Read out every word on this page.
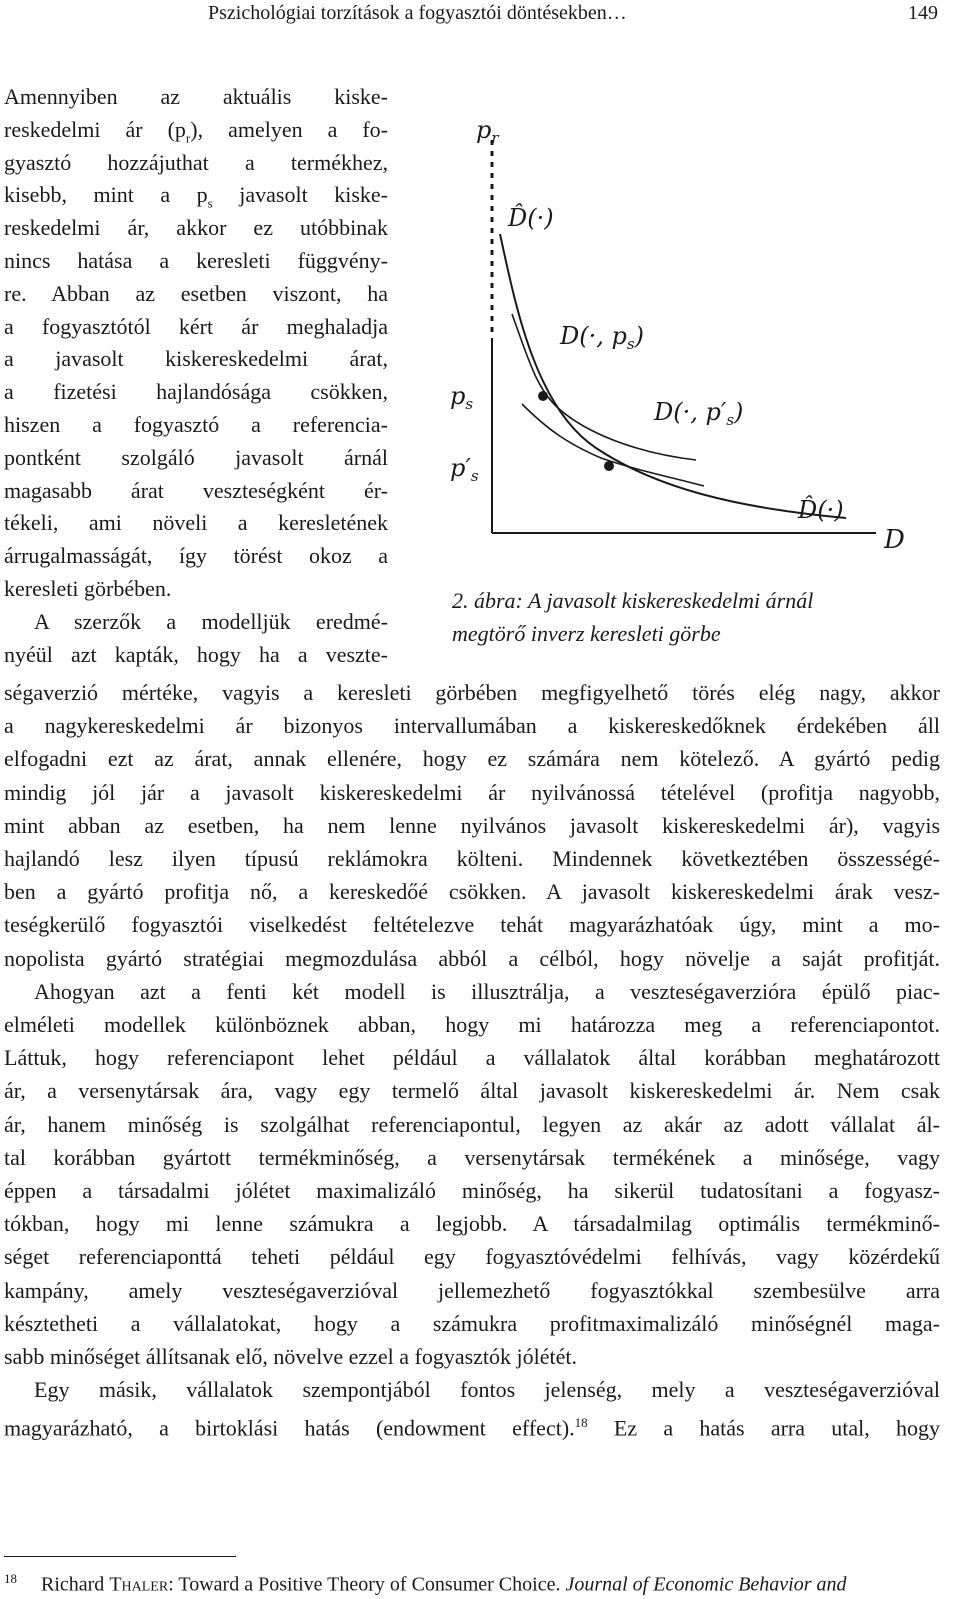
Pszichológiai torzítások a fogyasztói döntésekben…	149
Amennyiben az aktuális kiske-
reskedelmi ár $(p_r)$, amelyen a fo-
gyasztó hozzájuthat a termékhez,
kisebb, mint a $p_s$ javasolt kiske-
reskedelmi ár, akkor ez utóbbinak
nincs hatása a keresleti függvény-
re. Abban az esetben viszont, ha
a fogyasztótól kért ár meghaladja
a javasolt kiskereskedelmi árat,
a fizetési hajlandósága csökken,
hiszen a fogyasztó a referencia-
pontként szolgáló javasolt árnál
magasabb árat veszteségként ér-
tékeli, ami növeli a keresletének
árrugalmasságát, így törést okoz a
keresleti görbében.
A szerzők a modelljük eredmé-
nyéül azt kapták, hogy ha a veszte-
$p_r$
D̂(·)
D(·, $p_s$)
$p_s$	D(·, $p'_s$)
$p'_s$
D̂(·)
D
2. ábra: A javasolt kiskereskedelmi árnál
megtörő inverz keresleti görbe
ségaverzió mértéke, vagyis a keresleti görbében megfigyelhető törés elég nagy, akkor
a nagykereskedelmi ár bizonyos intervallumában a kiskereskedőknek érdekében áll
elfogadni ezt az árat, annak ellenére, hogy ez számára nem kötelező. A gyártó pedig
mindig jól jár a javasolt kiskereskedelmi ár nyilvánossá tételével (profitja nagyobb,
mint abban az esetben, ha nem lenne nyilvános javasolt kiskereskedelmi ár), vagyis
hajlandó lesz ilyen típusú reklámokra költeni. Mindennek következtében összességé-
ben a gyártó profitja nő, a kereskedőé csökken. A javasolt kiskereskedelmi árak vesz-
teségkerülő fogyasztói viselkedést feltételezve tehát magyarázhatóak úgy, mint a mo-
nopolista gyártó stratégiai megmozdulása abból a célból, hogy növelje a saját profitját.
Ahogyan azt a fenti két modell is illusztrálja, a veszteségaverzióra épülő piac-
elméleti modellek különböznek abban, hogy mi határozza meg a referenciapontot.
Láttuk, hogy referenciapont lehet például a vállalatok által korábban meghatározott
ár, a versenytársak ára, vagy egy termelő által javasolt kiskereskedelmi ár. Nem csak
ár, hanem minőség is szolgálhat referenciapontul, legyen az akár az adott vállalat ál-
tal korábban gyártott termékminőség, a versenytársak termékének a minősége, vagy
éppen a társadalmi jólétet maximalizáló minőség, ha sikerül tudatosítani a fogyasz-
tókban, hogy mi lenne számukra a legjobb. A társadalmilag optimális termékminő-
séget referenciaponttá teheti például egy fogyasztóvédelmi felhívás, vagy közérdekű
kampány, amely veszteségaverzióval jellemezhető fogyasztókkal szembesülve arra
késztetheti a vállalatokat, hogy a számukra profitmaximalizáló minőségnél maga-
sabb minőséget állítsanak elő, növelve ezzel a fogyasztók jólétét.
Egy másik, vállalatok szempontjából fontos jelenség, mely a veszteségaverzióval
magyarázható, a birtoklási hatás (endowment effect).$^{18}$ Ez a hatás arra utal, hogy
$^{18}$ Richard Thaler: Toward a Positive Theory of Consumer Choice. Journal of Economic Behavior and
